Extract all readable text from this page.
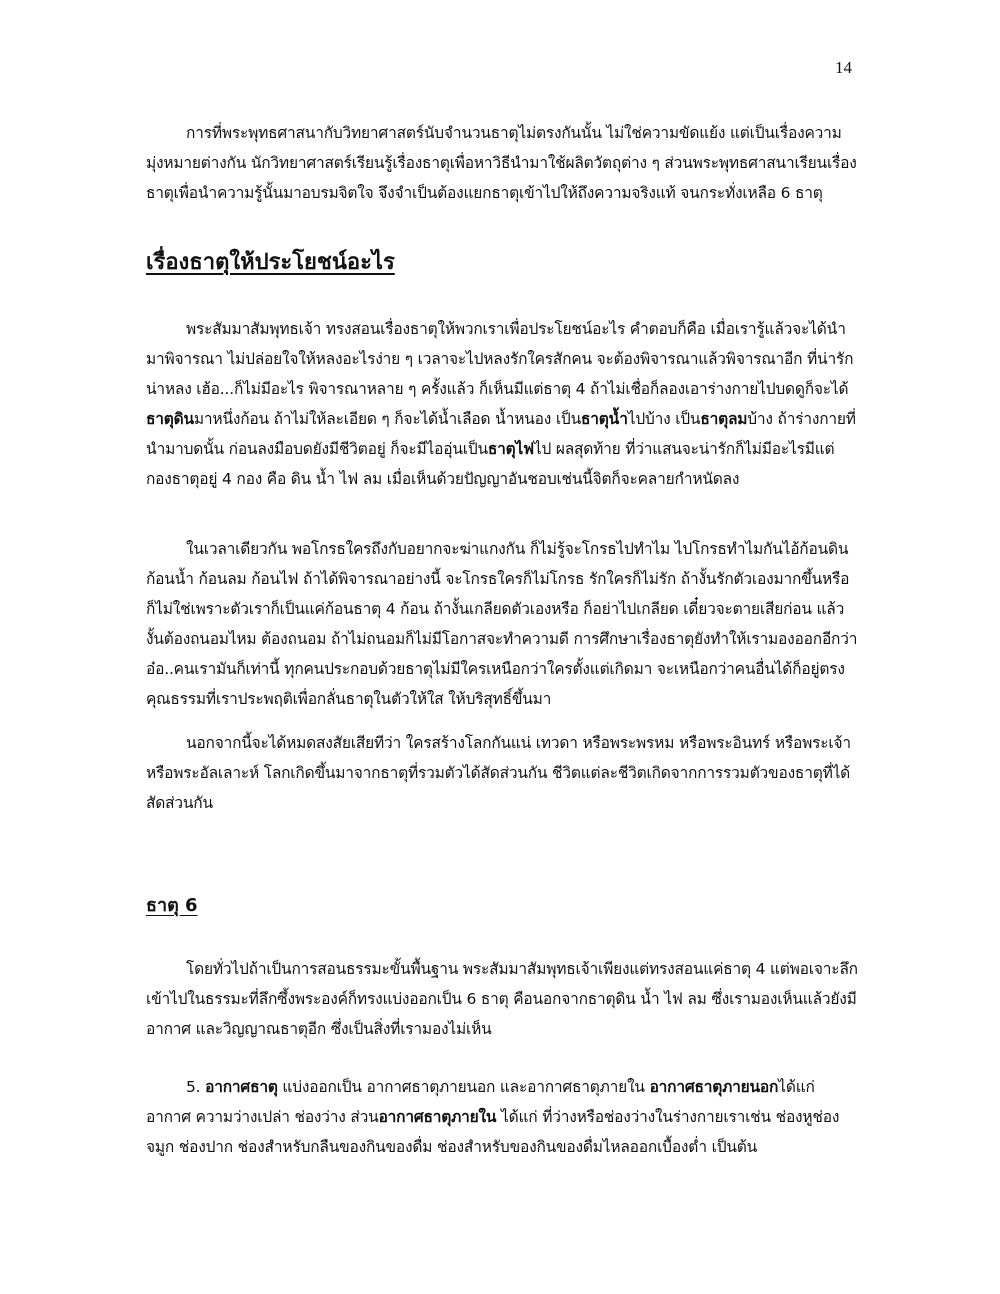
14

การที่พระพุทธศาสนากับวิทยาศาสตร์นับจำนวนธาตุไม่ตรงกันนั้น ไม่ใช่ความขัดแย้ง แต่เป็นเรื่องความมุ่งหมายต่างกัน นักวิทยาศาสตร์เรียนรู้เรื่องธาตุเพื่อหาวิธีนำมาใช้ผลิตวัตถุต่าง ๆ ส่วนพระพุทธศาสนาเรียนเรื่องธาตุเพื่อนำความรู้นั้นมาอบรมจิตใจ จึงจำเป็นต้องแยกธาตุเข้าไปให้ถึงความจริงแท้ จนกระทั่งเหลือ 6 ธาตุ

เรื่องธาตุให้ประโยชน์อะไร

พระสัมมาสัมพุทธเจ้า ทรงสอนเรื่องธาตุให้พวกเราเพื่อประโยชน์อะไร คำตอบก็คือ เมื่อเรารู้แล้วจะได้นำมาพิจารณา ไม่ปล่อยใจให้หลงอะไรง่าย ๆ เวลาจะไปหลงรักใครสักคน จะต้องพิจารณาแล้วพิจารณาอีก ที่น่ารักน่าหลง เฮ้อ...ก็ไม่มีอะไร พิจารณาหลาย ๆ ครั้งแล้ว ก็เห็นมีแต่ธาตุ 4 ถ้าไม่เชื่อก็ลองเอาร่างกายไปบดดูก็จะได้ธาตุดินมาหนึ่งก้อน ถ้าไม่ให้ละเอียด ๆ ก็จะได้น้ำเลือด น้ำหนอง เป็นธาตุน้ำไปบ้าง เป็นธาตุลมบ้าง ถ้าร่างกายที่นำมาบดนั้น ก่อนลงมือบดยังมีชีวิตอยู่ ก็จะมีไออุ่นเป็นธาตุไฟไป ผลสุดท้าย ที่ว่าแสนจะน่ารักก็ไม่มีอะไรมีแต่กองธาตุอยู่ 4 กอง คือ ดิน น้ำ ไฟ ลม เมื่อเห็นด้วยปัญญาอันชอบเช่นนี้จิตก็จะคลายกำหนัดลง

ในเวลาเดียวกัน พอโกรธใครถึงกับอยากจะฆ่าแกงกัน ก็ไม่รู้จะโกรธไปทำไม ไปโกรธทำไมกันไอ้ก้อนดินก้อนน้ำ ก้อนลม ก้อนไฟ ถ้าได้พิจารณาอย่างนี้ จะโกรธใครก็ไม่โกรธ รักใครก็ไม่รัก ถ้างั้นรักตัวเองมากขึ้นหรือก็ไม่ใช่เพราะตัวเราก็เป็นแค่ก้อนธาตุ 4 ก้อน ถ้างั้นเกลียดตัวเองหรือ ก็อย่าไปเกลียด เดี๋ยวจะตายเสียก่อน แล้วงั้นต้องถนอมไหม ต้องถนอม ถ้าไม่ถนอมก็ไม่มีโอกาสจะทำความดี การศึกษาเรื่องธาตุยังทำให้เรามองออกอีกว่าอ๋อ..คนเรามันก็เท่านี้ ทุกคนประกอบด้วยธาตุไม่มีใครเหนือกว่าใครตั้งแต่เกิดมา จะเหนือกว่าคนอื่นได้ก็อยู่ตรงคุณธรรมที่เราประพฤติเพื่อกลั่นธาตุในตัวให้ใส ให้บริสุทธิ์ขึ้นมา

นอกจากนี้จะได้หมดสงสัยเสียทีว่า ใครสร้างโลกกันแน่ เทวดา หรือพระพรหม หรือพระอินทร์ หรือพระเจ้าหรือพระอัลเลาะห์ โลกเกิดขึ้นมาจากธาตุที่รวมตัวได้สัดส่วนกัน ชีวิตแต่ละชีวิตเกิดจากการรวมตัวของธาตุที่ได้สัดส่วนกัน

ธาตุ 6

โดยทั่วไปถ้าเป็นการสอนธรรมะขั้นพื้นฐาน พระสัมมาสัมพุทธเจ้าเพียงแต่ทรงสอนแค่ธาตุ 4 แต่พอเจาะลึกเข้าไปในธรรมะที่ลึกซึ้งพระองค์ก็ทรงแบ่งออกเป็น 6 ธาตุ คือนอกจากธาตุดิน น้ำ ไฟ ลม ซึ่งเรามองเห็นแล้วยังมีอากาศ และวิญญาณธาตุอีก ซึ่งเป็นสิ่งที่เรามองไม่เห็น

5. อากาศธาตุ แบ่งออกเป็น อากาศธาตุภายนอก และอากาศธาตุภายใน อากาศธาตุภายนอกได้แก่อากาศ ความว่างเปล่า ช่องว่าง ส่วนอากาศธาตุภายใน ได้แก่ ที่ว่างหรือช่องว่างในร่างกายเราเช่น ช่องหูช่องจมูก ช่องปาก ช่องสำหรับกลืนของกินของดื่ม ช่องสำหรับของกินของดื่มไหลออกเบื้องต่ำ เป็นต้น
